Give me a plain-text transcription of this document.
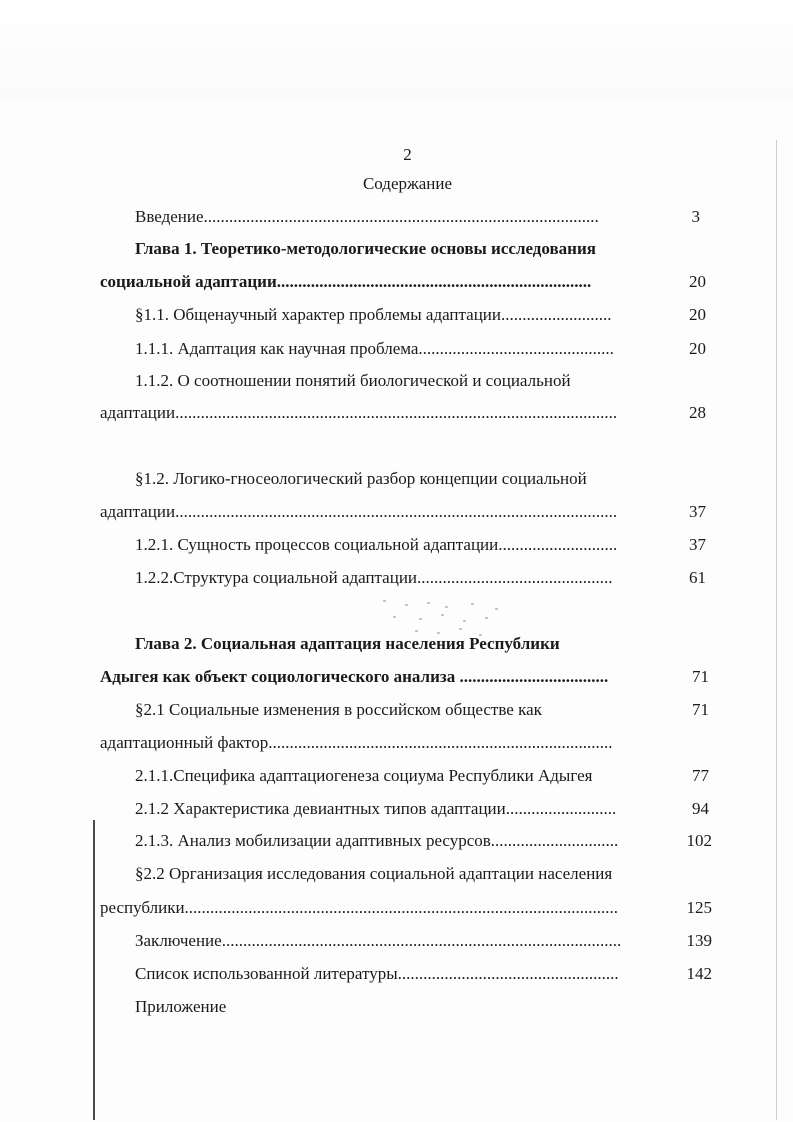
2
Содержание
Введение.............................................................................................	3
Глава 1. Теоретико-методологические основы исследования
социальной адаптации..........................................................................	20
§1.1. Общенаучный характер проблемы адаптации..........................	20
1.1.1. Адаптация как научная проблема..............................................	20
1.1.2. О соотношении понятий биологической и социальной
адаптации........................................................................................................	28
§1.2. Логико-гносеологический разбор концепции социальной
адаптации........................................................................................................	37
1.2.1. Сущность процессов социальной адаптации............................	37
1.2.2.Структура социальной адаптации..............................................	61
Глава 2. Социальная адаптация населения Республики
Адыгея как объект социологического анализа ...................................	71
§2.1 Социальные изменения в российском обществе как	71
адаптационный фактор.................................................................................
2.1.1.Специфика адаптациогенеза социума Республики Адыгея	77
2.1.2 Характеристика девиантных типов адаптации..........................	94
2.1.3. Анализ мобилизации адаптивных ресурсов..............................	102
§2.2 Организация исследования социальной адаптации населения
республики......................................................................................................	125
Заключение..............................................................................................	139
Список использованной литературы....................................................	142
Приложение
